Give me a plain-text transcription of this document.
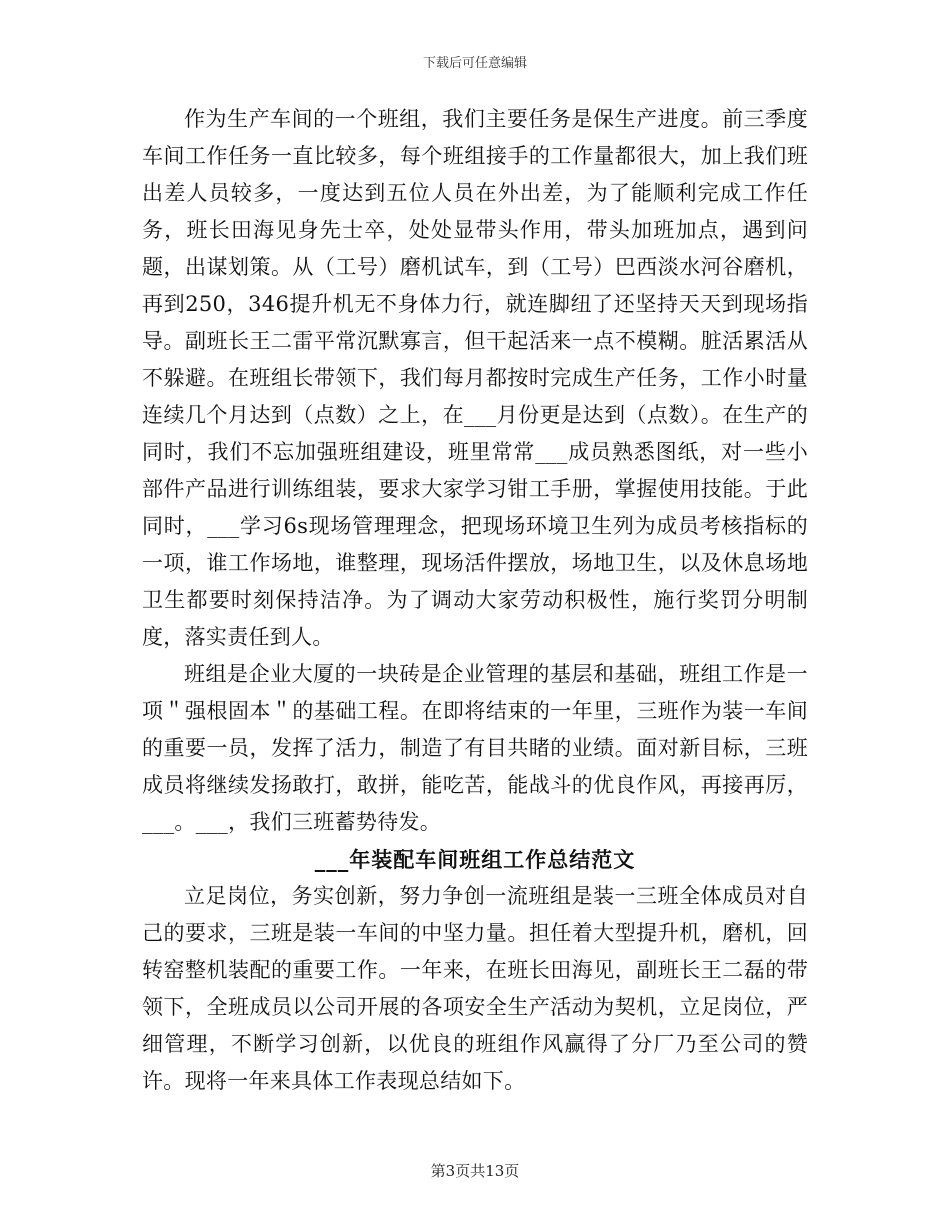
下载后可任意编辑

作为生产车间的一个班组，我们主要任务是保生产进度。前三季度车间工作任务一直比较多，每个班组接手的工作量都很大，加上我们班出差人员较多，一度达到五位人员在外出差，为了能顺利完成工作任务，班长田海见身先士卒，处处显带头作用，带头加班加点，遇到问题，出谋划策。从（工号）磨机试车，到（工号）巴西淡水河谷磨机，再到250，346提升机无不身体力行，就连脚纽了还坚持天天到现场指导。副班长王二雷平常沉默寡言，但干起活来一点不模糊。脏活累活从不躲避。在班组长带领下，我们每月都按时完成生产任务，工作小时量连续几个月达到（点数）之上，在___月份更是达到（点数）。在生产的同时，我们不忘加强班组建设，班里常常___成员熟悉图纸，对一些小部件产品进行训练组装，要求大家学习钳工手册，掌握使用技能。于此同时，___学习6s现场管理理念，把现场环境卫生列为成员考核指标的一项，谁工作场地，谁整理，现场活件摆放，场地卫生，以及休息场地卫生都要时刻保持洁净。为了调动大家劳动积极性，施行奖罚分明制度，落实责任到人。

班组是企业大厦的一块砖是企业管理的基层和基础，班组工作是一项＂强根固本＂的基础工程。在即将结束的一年里，三班作为装一车间的重要一员，发挥了活力，制造了有目共睹的业绩。面对新目标，三班成员将继续发扬敢打，敢拼，能吃苦，能战斗的优良作风，再接再厉，___。___，我们三班蓄势待发。

___年装配车间班组工作总结范文

立足岗位，务实创新，努力争创一流班组是装一三班全体成员对自己的要求，三班是装一车间的中坚力量。担任着大型提升机，磨机，回转窑整机装配的重要工作。一年来，在班长田海见，副班长王二磊的带领下，全班成员以公司开展的各项安全生产活动为契机，立足岗位，严细管理，不断学习创新，以优良的班组作风赢得了分厂乃至公司的赞许。现将一年来具体工作表现总结如下。

第3页共13页
